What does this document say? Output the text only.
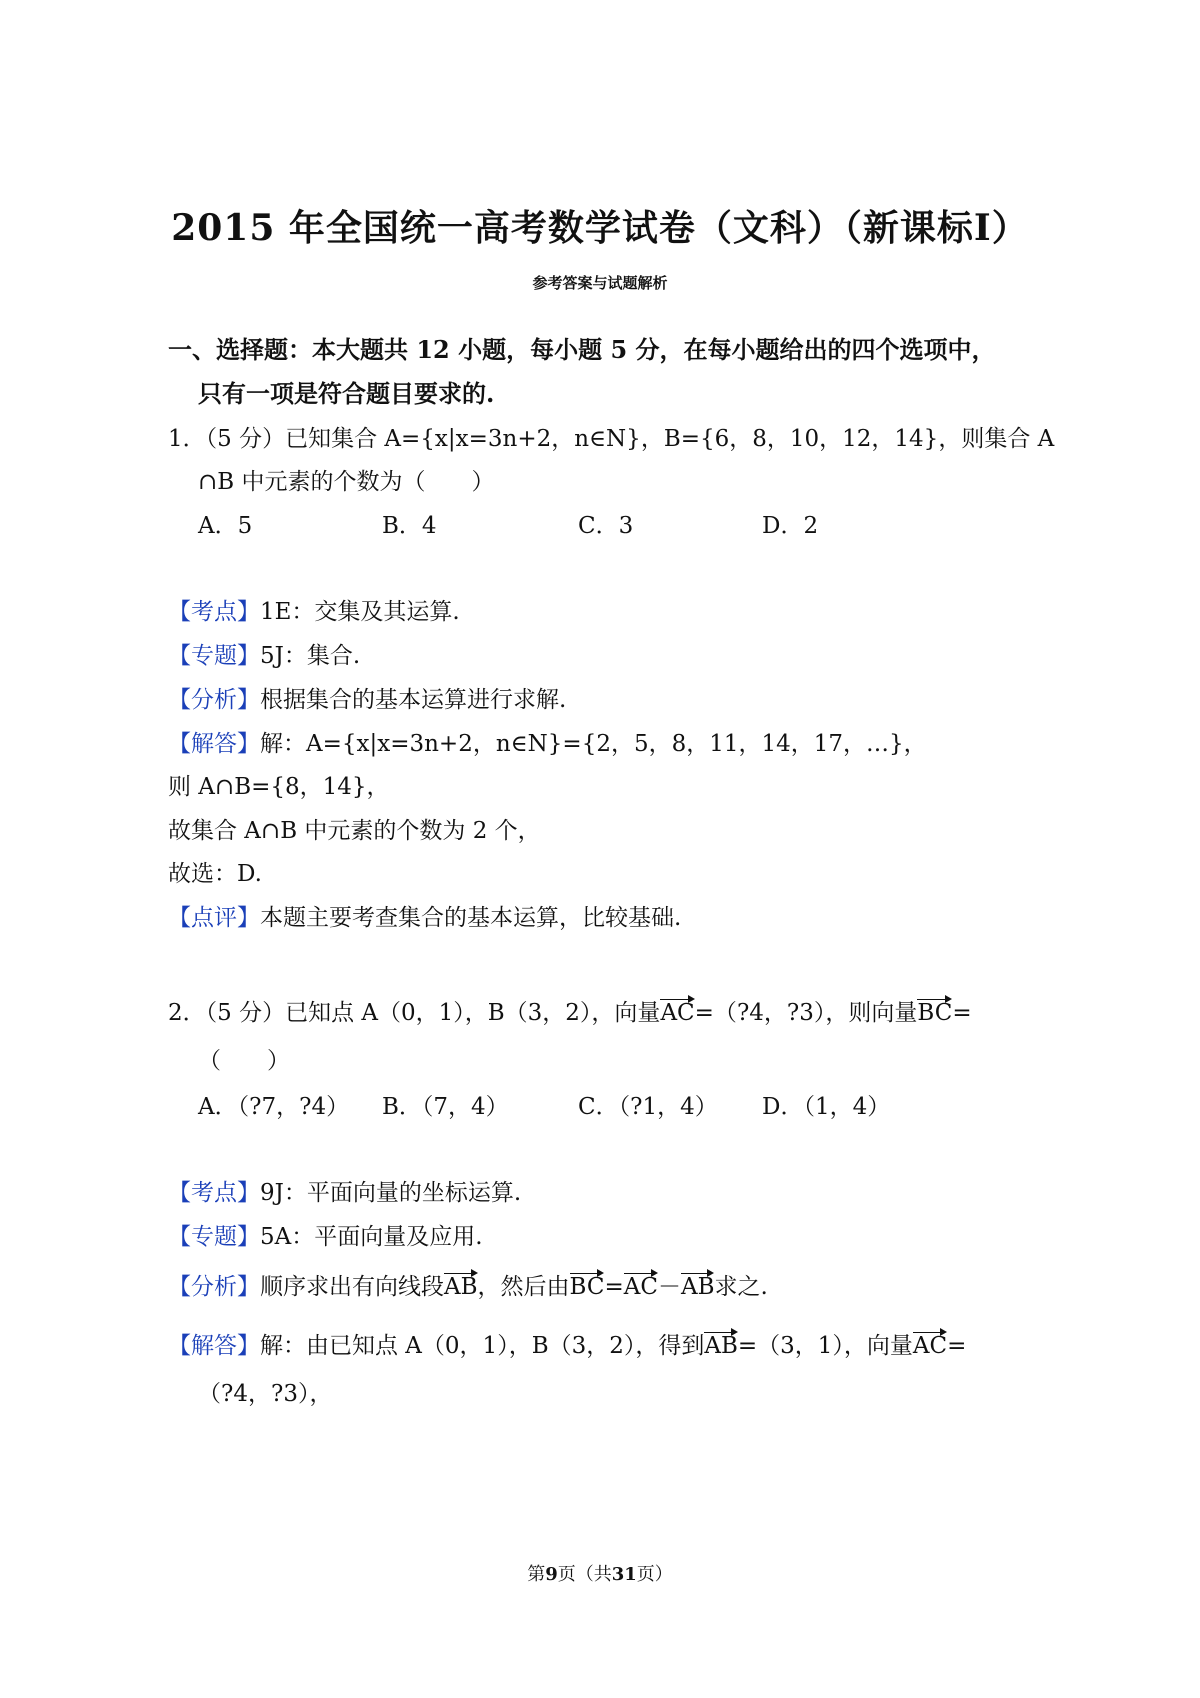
2015 年全国统一高考数学试卷（文科）（新课标Ⅰ）
参考答案与试题解析
一、选择题：本大题共 12 小题，每小题 5 分，在每小题给出的四个选项中，
只有一项是符合题目要求的.
1．（5 分）已知集合 A={x|x=3n+2，n∈N}，B={6，8，10，12，14}，则集合 A
∩B 中元素的个数为（　　）
A．5	B．4	C．3	D．2
【考点】1E：交集及其运算.
【专题】5J：集合.
【分析】根据集合的基本运算进行求解.
【解答】解：A={x|x=3n+2，n∈N}={2，5，8，11，14，17，…}，
则 A∩B={8，14}，
故集合 A∩B 中元素的个数为 2 个，
故选：D.
【点评】本题主要考查集合的基本运算，比较基础.
2．（5 分）已知点 A（0，1），B（3，2），向量AC=（?4，?3），则向量BC=
（　　）
A．（?7，?4） B．（7，4）	C．（?1，4） D．（1，4）
【考点】9J：平面向量的坐标运算.
【专题】5A：平面向量及应用.
【分析】顺序求出有向线段AB，然后由BC=AC－AB求之.
【解答】解：由已知点 A（0，1），B（3，2），得到AB=（3，1），向量AC=
（?4，?3），
第9页（共31页）
